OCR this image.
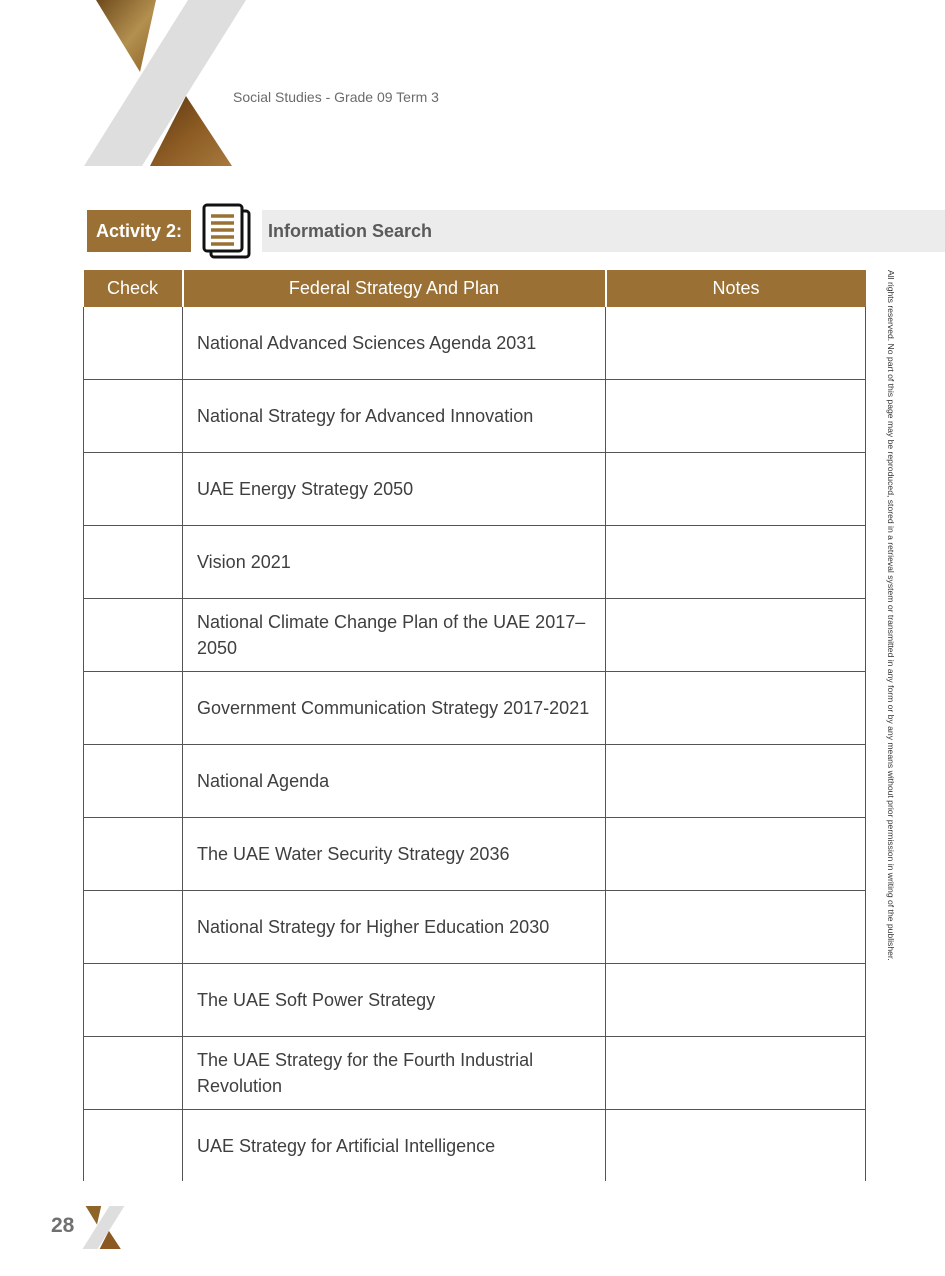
Social Studies - Grade 09 Term 3
Activity 2:	Information Search
Check	Federal Strategy And Plan	Notes
	National Advanced Sciences Agenda 2031	
	National Strategy for Advanced Innovation	
	UAE Energy Strategy 2050	
	Vision 2021	
	National Climate Change Plan of the UAE 2017–2050	
	Government Communication Strategy 2017-2021	
	National Agenda	
	The UAE Water Security Strategy 2036	
	National Strategy for Higher Education 2030	
	The UAE Soft Power Strategy	
	The UAE Strategy for the Fourth Industrial Revolution	
	UAE Strategy for Artificial Intelligence	
All rights reserved. No part of this page may be reproduced, stored in a retrieval system or transmitted in any form or by any means without prior permission in writing of the publisher.
28
